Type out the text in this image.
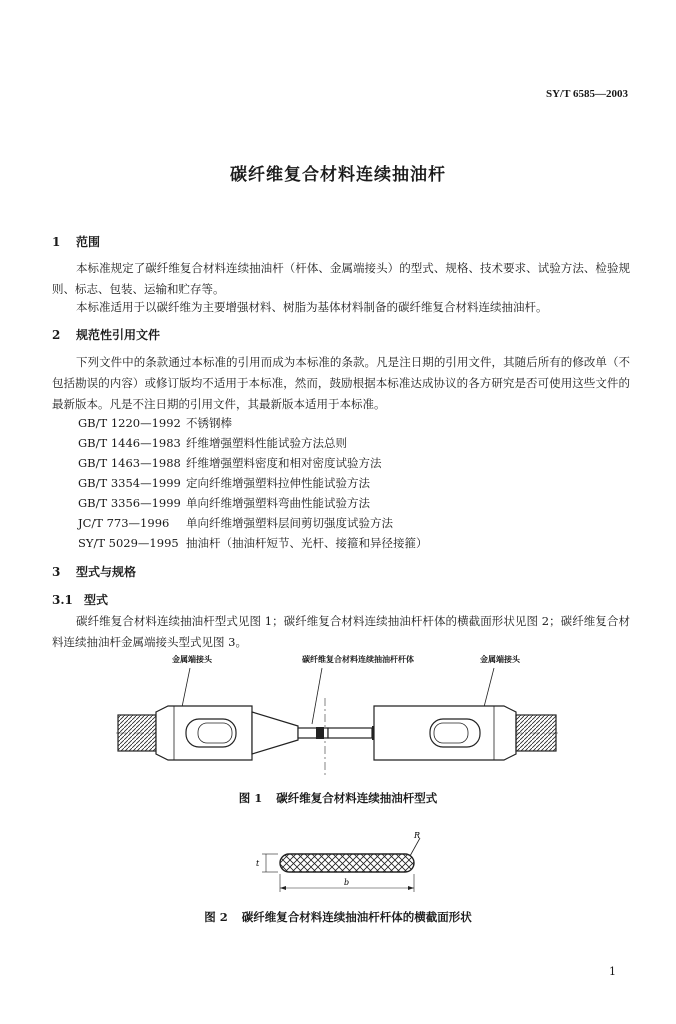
SY/T 6585—2003
碳纤维复合材料连续抽油杆
1 范围
本标准规定了碳纤维复合材料连续抽油杆（杆体、金属端接头）的型式、规格、技术要求、试验方法、检验规则、标志、包装、运输和贮存等。
本标准适用于以碳纤维为主要增强材料、树脂为基体材料制备的碳纤维复合材料连续抽油杆。
2 规范性引用文件
下列文件中的条款通过本标准的引用而成为本标准的条款。凡是注日期的引用文件，其随后所有的修改单（不包括勘误的内容）或修订版均不适用于本标准，然而，鼓励根据本标准达成协议的各方研究是否可使用这些文件的最新版本。凡是不注日期的引用文件，其最新版本适用于本标准。
GB/T 1220—1992 不锈钢棒
GB/T 1446—1983 纤维增强塑料性能试验方法总则
GB/T 1463—1988 纤维增强塑料密度和相对密度试验方法
GB/T 3354—1999 定向纤维增强塑料拉伸性能试验方法
GB/T 3356—1999 单向纤维增强塑料弯曲性能试验方法
JC/T 773—1996 单向纤维增强塑料层间剪切强度试验方法
SY/T 5029—1995 抽油杆（抽油杆短节、光杆、接箍和异径接箍）
3 型式与规格
3.1 型式
碳纤维复合材料连续抽油杆型式见图 1；碳纤维复合材料连续抽油杆杆体的横截面形状见图 2；碳纤维复合材料连续抽油杆金属端接头型式见图 3。
金属端接头	碳纤维复合材料连续抽油杆杆体	金属端接头
图 1 碳纤维复合材料连续抽油杆型式
R
t
b
图 2 碳纤维复合材料连续抽油杆杆体的横截面形状
1
